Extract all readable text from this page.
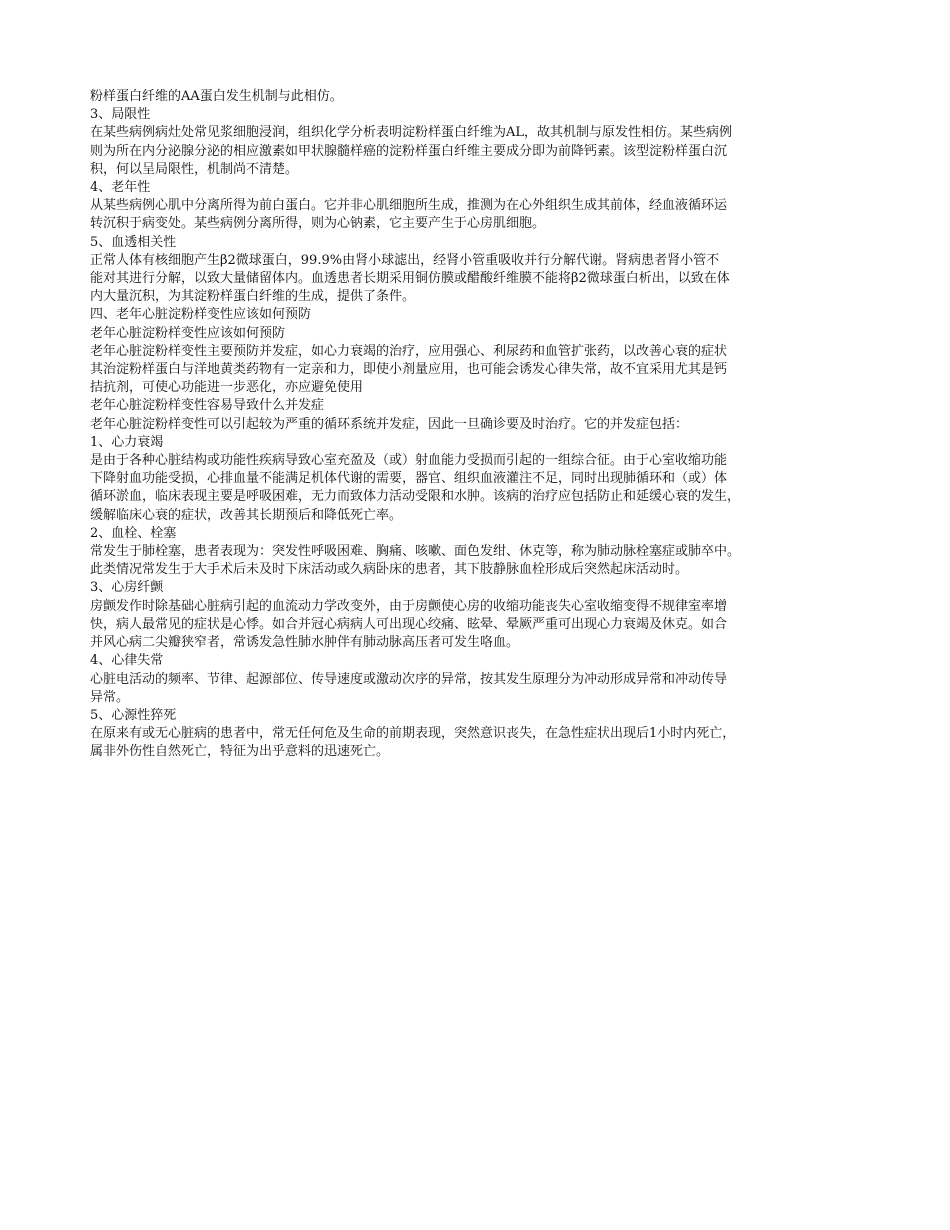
粉样蛋白纤维的AA蛋白发生机制与此相仿。

3、局限性

在某些病例病灶处常见浆细胞浸润，组织化学分析表明淀粉样蛋白纤维为AL，故其机制与原发性相仿。某些病例

则为所在内分泌腺分泌的相应激素如甲状腺髓样癌的淀粉样蛋白纤维主要成分即为前降钙素。该型淀粉样蛋白沉

积，何以呈局限性，机制尚不清楚。

4、老年性

从某些病例心肌中分离所得为前白蛋白。它并非心肌细胞所生成，推测为在心外组织生成其前体，经血液循环运

转沉积于病变处。某些病例分离所得，则为心钠素，它主要产生于心房肌细胞。

5、血透相关性

正常人体有核细胞产生β2微球蛋白，99.9%由肾小球滤出，经肾小管重吸收并行分解代谢。肾病患者肾小管不

能对其进行分解，以致大量储留体内。血透患者长期采用铜仿膜或醋酸纤维膜不能将β2微球蛋白析出，以致在体

内大量沉积，为其淀粉样蛋白纤维的生成，提供了条件。

四、老年心脏淀粉样变性应该如何预防

老年心脏淀粉样变性应该如何预防

老年心脏淀粉样变性主要预防并发症，如心力衰竭的治疗，应用强心、利尿药和血管扩张药，以改善心衰的症状

其治淀粉样蛋白与洋地黄类药物有一定亲和力，即使小剂量应用，也可能会诱发心律失常，故不宜采用尤其是钙

拮抗剂，可使心功能进一步恶化，亦应避免使用

老年心脏淀粉样变性容易导致什么并发症

老年心脏淀粉样变性可以引起较为严重的循环系统并发症，因此一旦确诊要及时治疗。它的并发症包括：

1、心力衰竭

是由于各种心脏结构或功能性疾病导致心室充盈及（或）射血能力受损而引起的一组综合征。由于心室收缩功能

下降射血功能受损，心排血量不能满足机体代谢的需要，器官、组织血液灌注不足，同时出现肺循环和（或）体

循环淤血，临床表现主要是呼吸困难，无力而致体力活动受限和水肿。该病的治疗应包括防止和延缓心衰的发生，

缓解临床心衰的症状，改善其长期预后和降低死亡率。

2、血栓、栓塞

常发生于肺栓塞，患者表现为：突发性呼吸困难、胸痛、咳嗽、面色发绀、休克等，称为肺动脉栓塞症或肺卒中。

此类情况常发生于大手术后未及时下床活动或久病卧床的患者，其下肢静脉血栓形成后突然起床活动时。

3、心房纤颤

房颤发作时除基础心脏病引起的血流动力学改变外，由于房颤使心房的收缩功能丧失心室收缩变得不规律室率增

快，病人最常见的症状是心悸。如合并冠心病病人可出现心绞痛、眩晕、晕厥严重可出现心力衰竭及休克。如合

并风心病二尖瓣狭窄者，常诱发急性肺水肿伴有肺动脉高压者可发生咯血。

4、心律失常

心脏电活动的频率、节律、起源部位、传导速度或激动次序的异常，按其发生原理分为冲动形成异常和冲动传导

异常。

5、心源性猝死

在原来有或无心脏病的患者中，常无任何危及生命的前期表现，突然意识丧失，在急性症状出现后1小时内死亡，

属非外伤性自然死亡，特征为出乎意料的迅速死亡。
